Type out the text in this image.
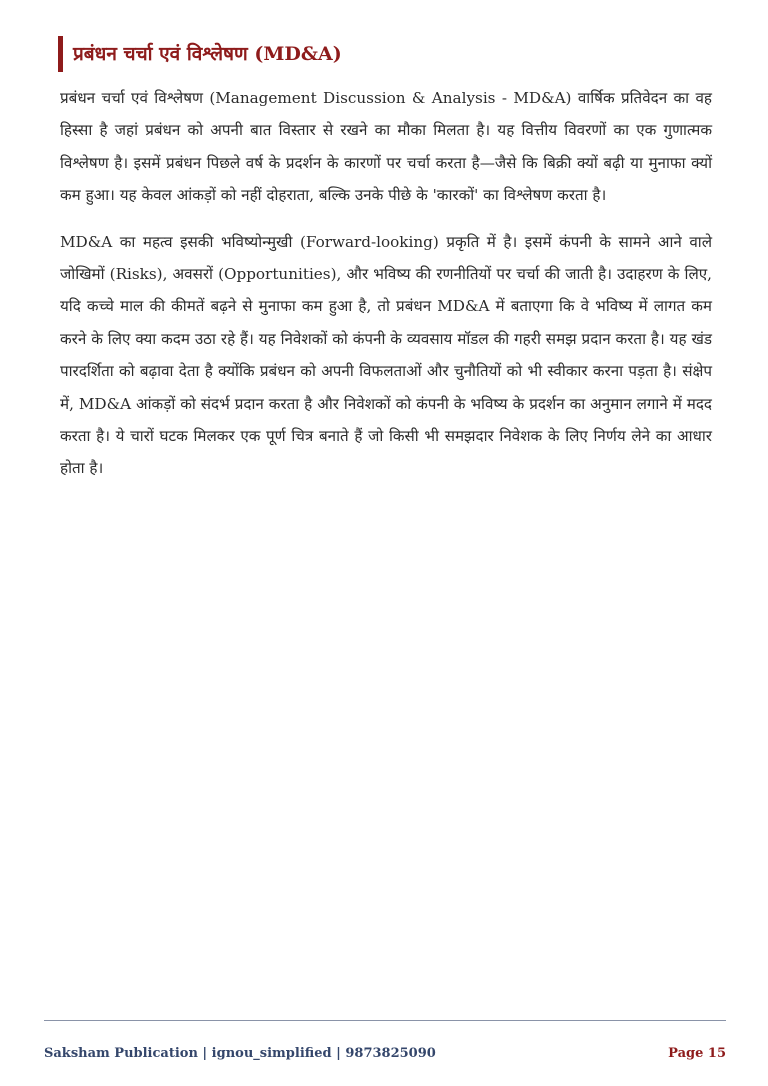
प्रबंधन चर्चा एवं विश्लेषण (MD&A)

प्रबंधन चर्चा एवं विश्लेषण (Management Discussion & Analysis - MD&A) वार्षिक प्रतिवेदन का वह हिस्सा है जहां प्रबंधन को अपनी बात विस्तार से रखने का मौका मिलता है। यह वित्तीय विवरणों का एक गुणात्मक विश्लेषण है। इसमें प्रबंधन पिछले वर्ष के प्रदर्शन के कारणों पर चर्चा करता है—जैसे कि बिक्री क्यों बढ़ी या मुनाफा क्यों कम हुआ। यह केवल आंकड़ों को नहीं दोहराता, बल्कि उनके पीछे के 'कारकों' का विश्लेषण करता है।

MD&A का महत्व इसकी भविष्योन्मुखी (Forward-looking) प्रकृति में है। इसमें कंपनी के सामने आने वाले जोखिमों (Risks), अवसरों (Opportunities), और भविष्य की रणनीतियों पर चर्चा की जाती है। उदाहरण के लिए, यदि कच्चे माल की कीमतें बढ़ने से मुनाफा कम हुआ है, तो प्रबंधन MD&A में बताएगा कि वे भविष्य में लागत कम करने के लिए क्या कदम उठा रहे हैं। यह निवेशकों को कंपनी के व्यवसाय मॉडल की गहरी समझ प्रदान करता है। यह खंड पारदर्शिता को बढ़ावा देता है क्योंकि प्रबंधन को अपनी विफलताओं और चुनौतियों को भी स्वीकार करना पड़ता है। संक्षेप में, MD&A आंकड़ों को संदर्भ प्रदान करता है और निवेशकों को कंपनी के भविष्य के प्रदर्शन का अनुमान लगाने में मदद करता है। ये चारों घटक मिलकर एक पूर्ण चित्र बनाते हैं जो किसी भी समझदार निवेशक के लिए निर्णय लेने का आधार होता है।

Saksham Publication | ignou_simplified | 9873825090	Page 15
